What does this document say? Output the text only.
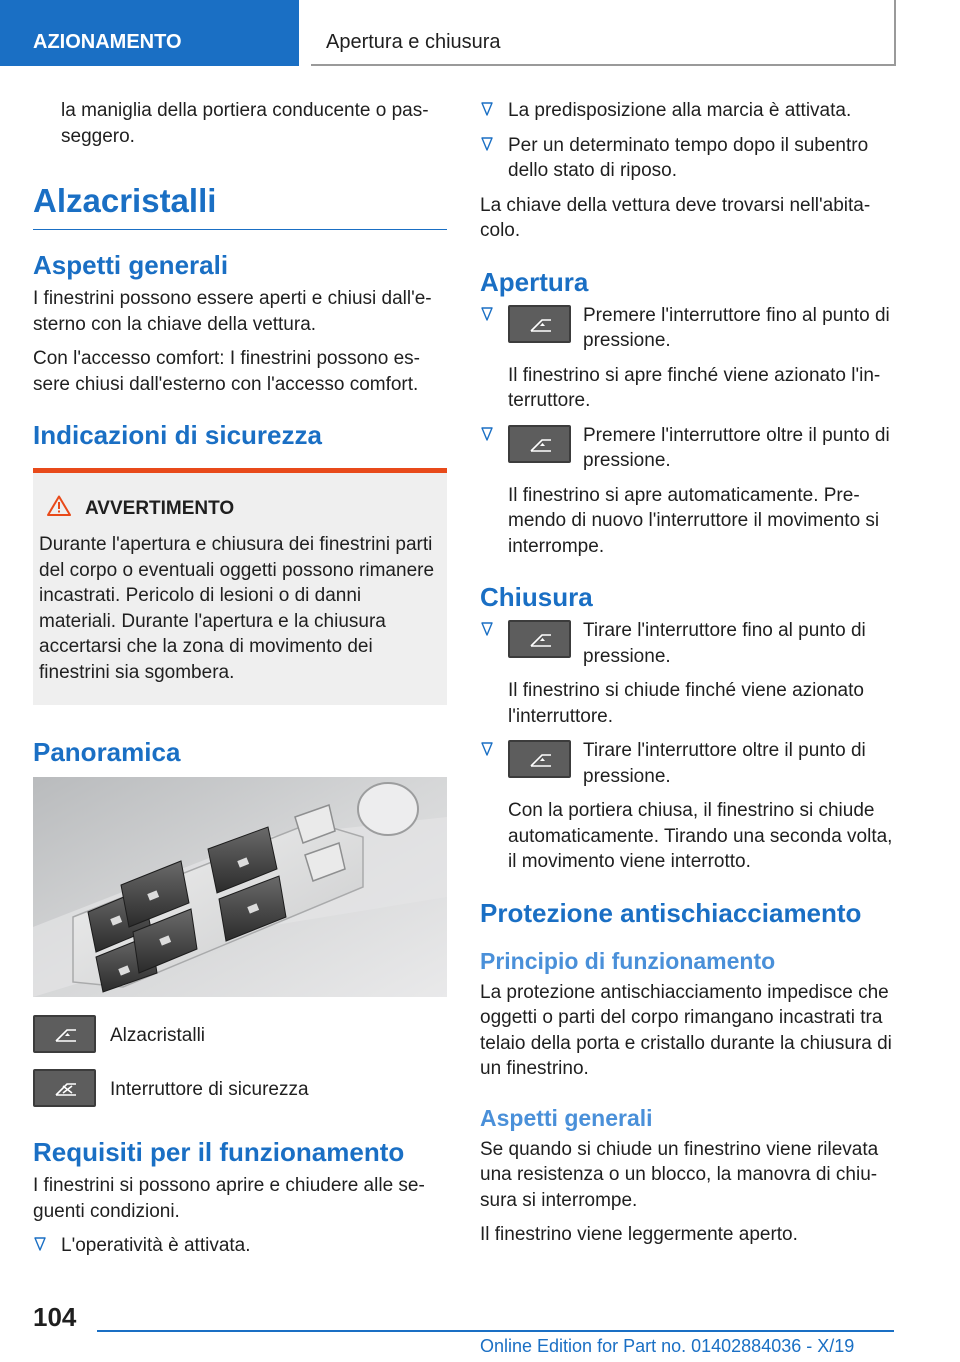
AZIONAMENTO	Apertura e chiusura

la maniglia della portiera conducente o passeggero.

Alzacristalli
Aspetti generali

I finestrini possono essere aperti e chiusi dall'esterno con la chiave della vettura.

Con l'accesso comfort: I finestrini possono essere chiusi dall'esterno con l'accesso comfort.

Indicazioni di sicurezza
AVVERTIMENTO

Durante l'apertura e chiusura dei finestrini parti del corpo o eventuali oggetti possono rimanere incastrati. Pericolo di lesioni o di danni materiali. Durante l'apertura e la chiusura accertarsi che la zona di movimento dei finestrini sia sgombera.

Panoramica
Alzacristalli
Interruttore di sicurezza
Requisiti per il funzionamento

I finestrini si possono aprire e chiudere alle seguenti condizioni.

L'operatività è attivata.
La predisposizione alla marcia è attivata.
Per un determinato tempo dopo il subentro dello stato di riposo.

La chiave della vettura deve trovarsi nell'abitacolo.

Apertura
Premere l'interruttore fino al punto di pressione.

Il finestrino si apre finché viene azionato l'interruttore.

Premere l'interruttore oltre il punto di pressione.

Il finestrino si apre automaticamente. Premendo di nuovo l'interruttore il movimento si interrompe.

Chiusura
Tirare l'interruttore fino al punto di pressione.

Il finestrino si chiude finché viene azionato l'interruttore.

Tirare l'interruttore oltre il punto di pressione.

Con la portiera chiusa, il finestrino si chiude automaticamente. Tirando una seconda volta, il movimento viene interrotto.

Protezione antischiacciamento
Principio di funzionamento

La protezione antischiacciamento impedisce che oggetti o parti del corpo rimangano incastrati tra telaio della porta e cristallo durante la chiusura di un finestrino.

Aspetti generali

Se quando si chiude un finestrino viene rilevata una resistenza o un blocco, la manovra di chiusura si interrompe.

Il finestrino viene leggermente aperto.

104
Online Edition for Part no. 01402884036 - X/19
